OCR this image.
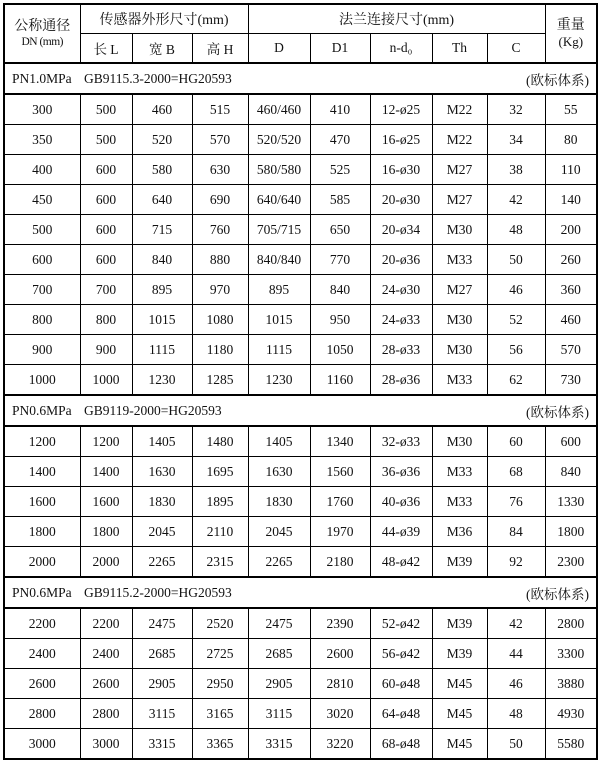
公称通径
DN (mm)	传感器外形尺寸(mm)			法兰连接尺寸(mm)					重量
(Kg)

	长 L	宽 B	高 H	D	D1	n-d₀	Th	C	

PN1.0MPa GB9115.3-2000=HG20593 (欧标体系)									

300	500	460	515	460/460	410	12-ø25	M22	32	55
350	500	520	570	520/520	470	16-ø25	M22	34	80
400	600	580	630	580/580	525	16-ø30	M27	38	110
450	600	640	690	640/640	585	20-ø30	M27	42	140
500	600	715	760	705/715	650	20-ø34	M30	48	200
600	600	840	880	840/840	770	20-ø36	M33	50	260
700	700	895	970	895	840	24-ø30	M27	46	360
800	800	1015	1080	1015	950	24-ø33	M30	52	460
900	900	1115	1180	1115	1050	28-ø33	M30	56	570
1000	1000	1230	1285	1230	1160	28-ø36	M33	62	730

PN0.6MPa GB9119-2000=HG20593 (欧标体系)									

1200	1200	1405	1480	1405	1340	32-ø33	M30	60	600
1400	1400	1630	1695	1630	1560	36-ø36	M33	68	840
1600	1600	1830	1895	1830	1760	40-ø36	M33	76	1330
1800	1800	2045	2110	2045	1970	44-ø39	M36	84	1800
2000	2000	2265	2315	2265	2180	48-ø42	M39	92	2300

PN0.6MPa GB9115.2-2000=HG20593 (欧标体系)									

2200	2200	2475	2520	2475	2390	52-ø42	M39	42	2800
2400	2400	2685	2725	2685	2600	56-ø42	M39	44	3300
2600	2600	2905	2950	2905	2810	60-ø48	M45	46	3880
2800	2800	3115	3165	3115	3020	64-ø48	M45	48	4930
3000	3000	3315	3365	3315	3220	68-ø48	M45	50	5580
